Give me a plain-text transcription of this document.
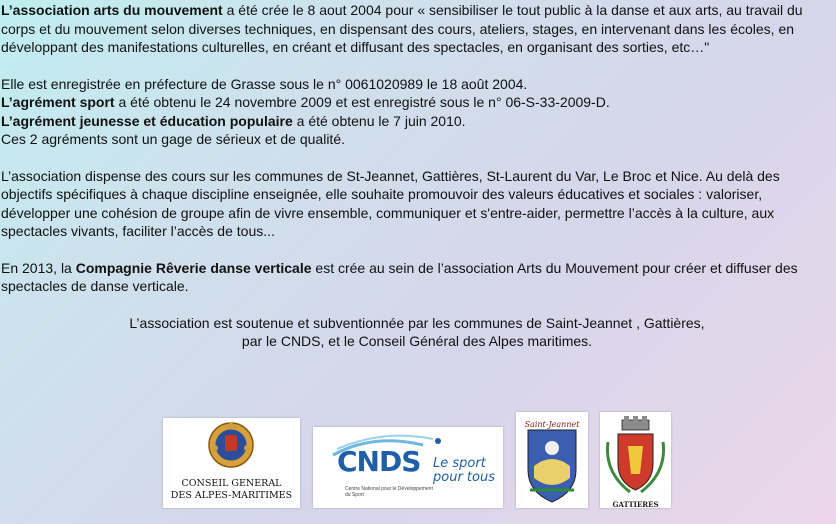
L’association arts du mouvement a été crée le 8 aout 2004 pour « sensibiliser le tout public à la danse et aux arts, au travail du corps et du mouvement selon diverses techniques, en dispensant des cours, ateliers, stages, en intervenant dans les écoles, en développant des manifestations culturelles, en créant et diffusant des spectacles, en organisant des sorties, etc…"

Elle est enregistrée en préfecture de Grasse sous le n° 0061020989 le 18 août 2004.

L’agrément sport a été obtenu le 24 novembre 2009 et est enregistré sous le n° 06-S-33-2009-D.

L’agrément jeunesse et éducation populaire a été obtenu le 7 juin 2010.

Ces 2 agréments sont un gage de sérieux et de qualité.

L’association dispense des cours sur les communes de St-Jeannet, Gattières, St-Laurent du Var, Le Broc et Nice. Au delà des objectifs spécifiques à chaque discipline enseignée, elle souhaite promouvoir des valeurs éducatives et sociales : valoriser, développer une cohésion de groupe afin de vivre ensemble, communiquer et s'entre-aider, permettre l’accès à la culture, aux spectacles vivants, faciliter l’accès de tous...

En 2013, la Compagnie Rêverie danse verticale est crée au sein de l’association Arts du Mouvement pour créer et diffuser des spectacles de danse verticale.

L’association est soutenue et subventionnée par les communes de Saint-Jeannet , Gattières,

par le CNDS, et le Conseil Général des Alpes maritimes.

CONSEIL GENERAL
DES ALPES-MARITIMES
CNDS Le sport
pour tous
Centre National pour le Développement du Sport
Saint-Jeannet
GATTIERES
